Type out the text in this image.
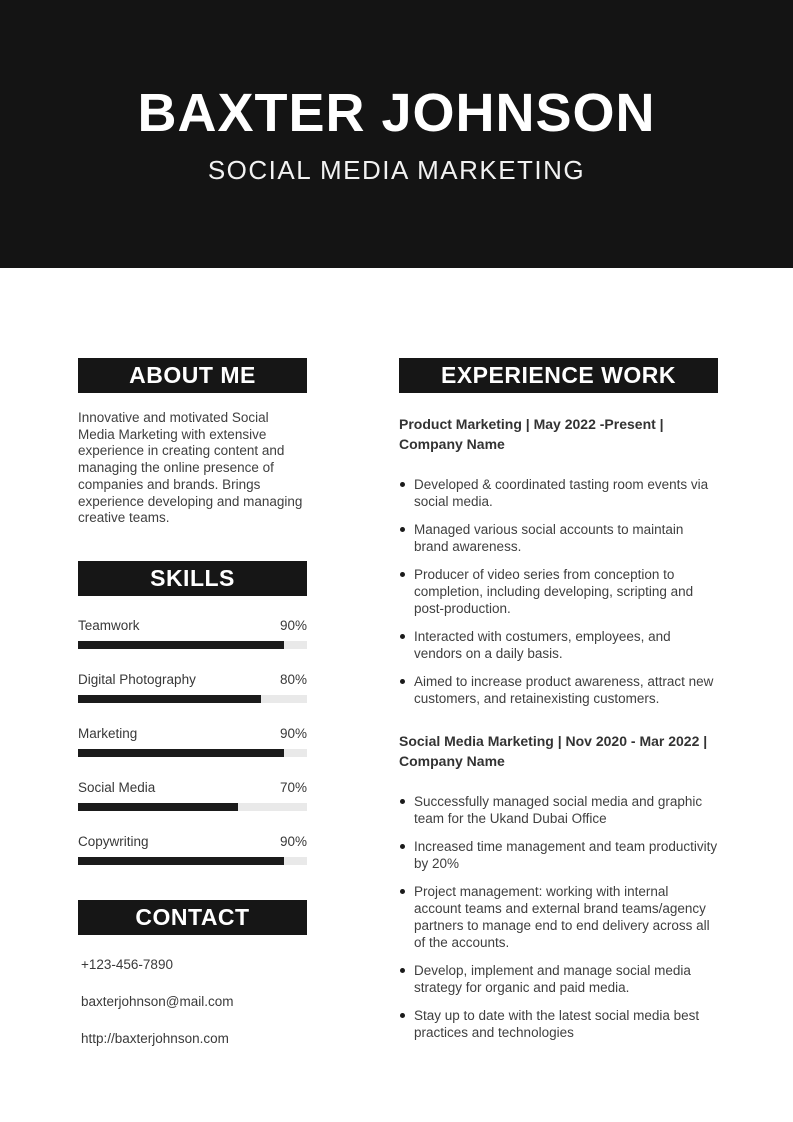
BAXTER JOHNSON
SOCIAL MEDIA MARKETING
ABOUT ME

Innovative and motivated Social Media Marketing with extensive experience in creating content and managing the online presence of companies and brands. Brings experience developing and managing creative teams.

SKILLS
Teamwork	90%
Digital Photography	80%
Marketing	90%
Social Media	70%
Copywriting	90%
CONTACT
+123-456-7890
baxterjohnson@mail.com
http://baxterjohnson.com
EXPERIENCE WORK
Product Marketing | May 2022 -Present | Company Name
Developed & coordinated tasting room events via social media.
Managed various social accounts to maintain brand awareness.
Producer of video series from conception to completion, including developing, scripting and post-production.
Interacted with costumers, employees, and vendors on a daily basis.
Aimed to increase product awareness, attract new customers, and retainexisting customers.
Social Media Marketing | Nov 2020 - Mar 2022 | Company Name
Successfully managed social media and graphic team for the Ukand Dubai Office
Increased time management and team productivity by 20%
Project management: working with internal account teams and external brand teams/agency partners to manage end to end delivery across all of the accounts.
Develop, implement and manage social media strategy for organic and paid media.
Stay up to date with the latest social media best practices and technologies
